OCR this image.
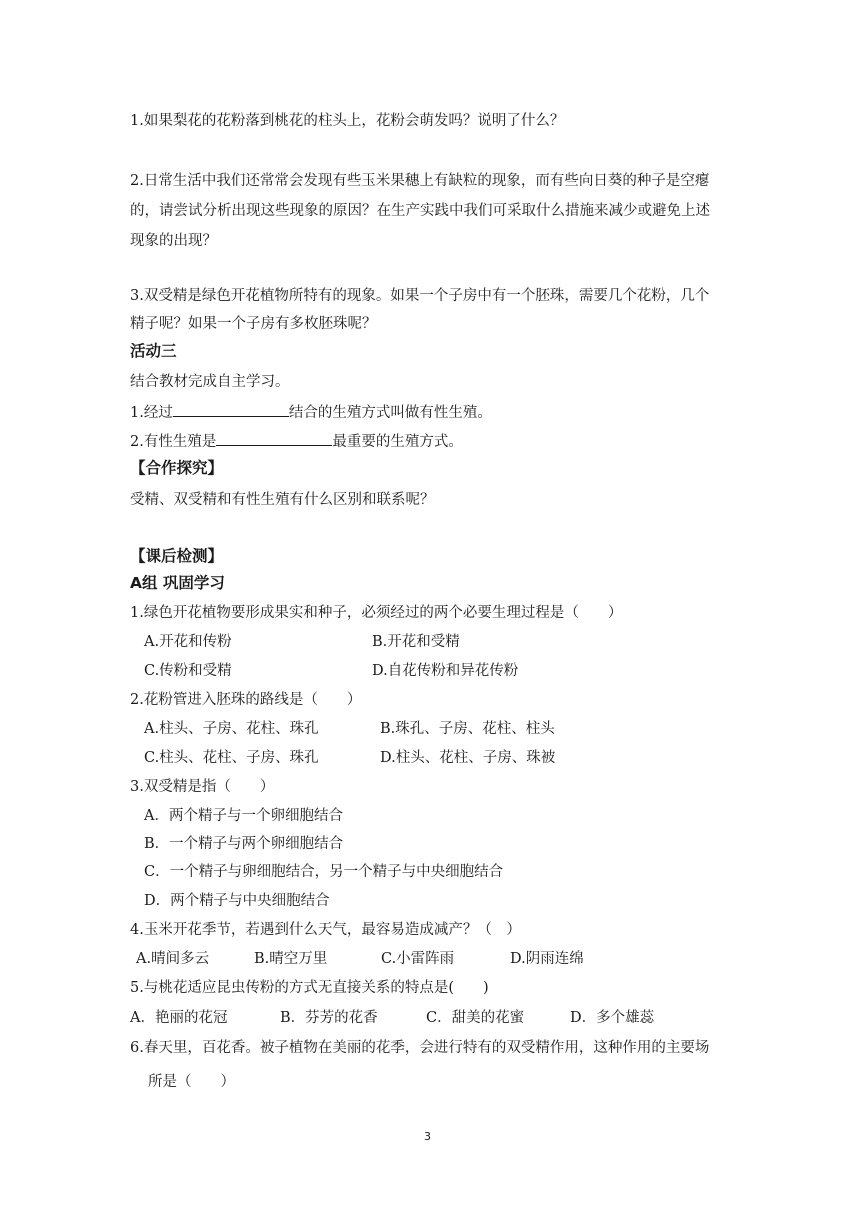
1.如果梨花的花粉落到桃花的柱头上，花粉会萌发吗？说明了什么？
2.日常生活中我们还常常会发现有些玉米果穗上有缺粒的现象，而有些向日葵的种子是空瘪
的，请尝试分析出现这些现象的原因？在生产实践中我们可采取什么措施来减少或避免上述
现象的出现？
3.双受精是绿色开花植物所特有的现象。如果一个子房中有一个胚珠，需要几个花粉，几个
精子呢？如果一个子房有多枚胚珠呢？
活动三
结合教材完成自主学习。
1.经过	结合的生殖方式叫做有性生殖。
2.有性生殖是	最重要的生殖方式。
【合作探究】
受精、双受精和有性生殖有什么区别和联系呢？
【课后检测】
A组 巩固学习
1.绿色开花植物要形成果实和种子，必须经过的两个必要生理过程是（　　）
A.开花和传粉	B.开花和受精
C.传粉和受精	D.自花传粉和异花传粉
2.花粉管进入胚珠的路线是（　　）
A.柱头、子房、花柱、珠孔	B.珠孔、子房、花柱、柱头
C.柱头、花柱、子房、珠孔	D.柱头、花柱、子房、珠被
3.双受精是指（　　）
A．两个精子与一个卵细胞结合
B．一个精子与两个卵细胞结合
C．一个精子与卵细胞结合，另一个精子与中央细胞结合
D．两个精子与中央细胞结合
4.玉米开花季节，若遇到什么天气，最容易造成减产？（　）
A.晴间多云	B.晴空万里	C.小雷阵雨	D.阴雨连绵
5.与桃花适应昆虫传粉的方式无直接关系的特点是(　　)
A．艳丽的花冠	B．芬芳的花香	C．甜美的花蜜	D．多个雄蕊
6.春天里，百花香。被子植物在美丽的花季，会进行特有的双受精作用，这种作用的主要场
所是（　　）
3
